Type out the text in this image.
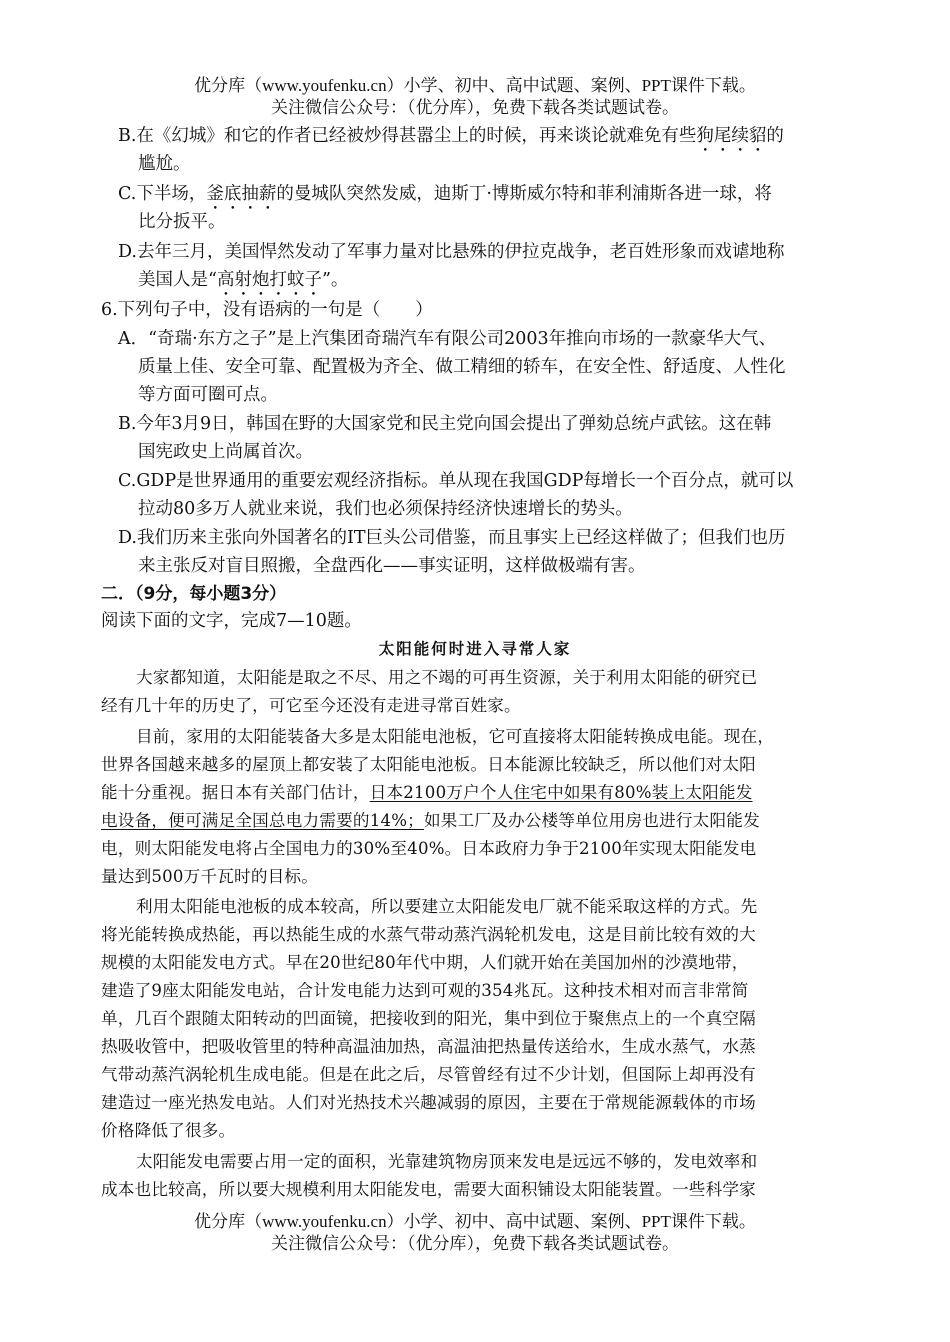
优分库（www.youfenku.cn）小学、初中、高中试题、案例、PPT课件下载。
关注微信公众号：（优分库），免费下载各类试题试卷。
B.在《幻城》和它的作者已经被炒得甚嚣尘上的时候，再来谈论就难免有些狗尾续貂的
尴尬。
C.下半场，釜底抽薪的曼城队突然发威，迪斯丁·博斯威尔特和菲利浦斯各进一球，将
比分扳平。
D.去年三月，美国悍然发动了军事力量对比悬殊的伊拉克战争，老百姓形象而戏谑地称
美国人是“高射炮打蚊子”。
6.下列句子中，没有语病的一句是（　　）
A．“奇瑞·东方之子”是上汽集团奇瑞汽车有限公司2003年推向市场的一款豪华大气、
质量上佳、安全可靠、配置极为齐全、做工精细的轿车，在安全性、舒适度、人性化
等方面可圈可点。
B.今年3月9日，韩国在野的大国家党和民主党向国会提出了弹劾总统卢武铉。这在韩
国宪政史上尚属首次。
C.GDP是世界通用的重要宏观经济指标。单从现在我国GDP每增长一个百分点，就可以
拉动80多万人就业来说，我们也必须保持经济快速增长的势头。
D.我们历来主张向外国著名的IT巨头公司借鉴，而且事实上已经这样做了；但我们也历
来主张反对盲目照搬，全盘西化——事实证明，这样做极端有害。
二．（9分，每小题3分）
阅读下面的文字，完成7—10题。
太阳能何时进入寻常人家
大家都知道，太阳能是取之不尽、用之不竭的可再生资源，关于利用太阳能的研究已
经有几十年的历史了，可它至今还没有走进寻常百姓家。
目前，家用的太阳能装备大多是太阳能电池板，它可直接将太阳能转换成电能。现在，
世界各国越来越多的屋顶上都安装了太阳能电池板。日本能源比较缺乏，所以他们对太阳
能十分重视。据日本有关部门估计，日本2100万户个人住宅中如果有80%装上太阳能发
电设备，便可满足全国总电力需要的14%；如果工厂及办公楼等单位用房也进行太阳能发
电，则太阳能发电将占全国电力的30%至40%。日本政府力争于2100年实现太阳能发电
量达到500万千瓦时的目标。
利用太阳能电池板的成本较高，所以要建立太阳能发电厂就不能采取这样的方式。先
将光能转换成热能，再以热能生成的水蒸气带动蒸汽涡轮机发电，这是目前比较有效的大
规模的太阳能发电方式。早在20世纪80年代中期，人们就开始在美国加州的沙漠地带，
建造了9座太阳能发电站，合计发电能力达到可观的354兆瓦。这种技术相对而言非常简
单，几百个跟随太阳转动的凹面镜，把接收到的阳光，集中到位于聚焦点上的一个真空隔
热吸收管中，把吸收管里的特种高温油加热，高温油把热量传送给水，生成水蒸气，水蒸
气带动蒸汽涡轮机生成电能。但是在此之后，尽管曾经有过不少计划，但国际上却再没有
建造过一座光热发电站。人们对光热技术兴趣减弱的原因，主要在于常规能源载体的市场
价格降低了很多。
太阳能发电需要占用一定的面积，光靠建筑物房顶来发电是远远不够的，发电效率和
成本也比较高，所以要大规模利用太阳能发电，需要大面积铺设太阳能装置。一些科学家
优分库（www.youfenku.cn）小学、初中、高中试题、案例、PPT课件下载。
关注微信公众号：（优分库），免费下载各类试题试卷。
